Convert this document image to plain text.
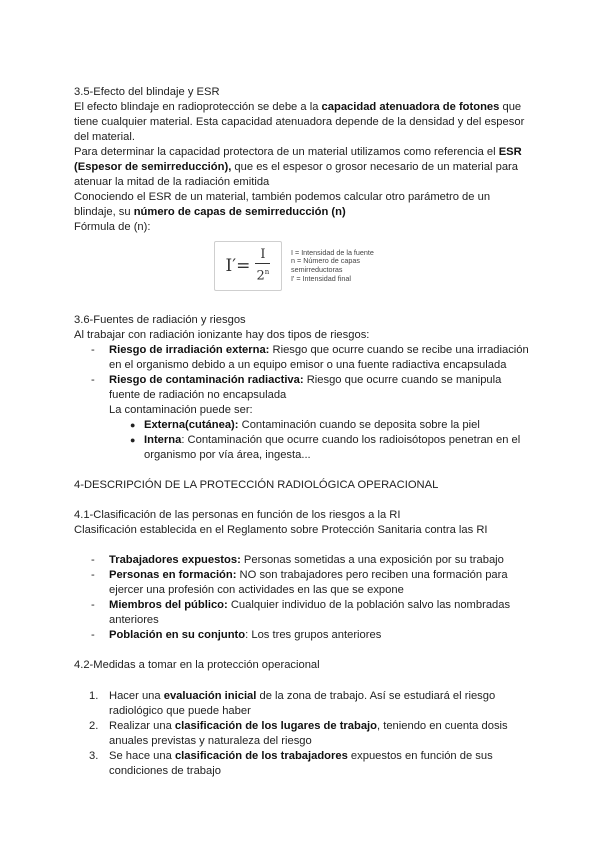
3.5-Efecto del blindaje y ESR

El efecto blindaje en radioprotección se debe a la capacidad atenuadora de fotones que tiene cualquier material. Esta capacidad atenuadora depende de la densidad y del espesor del material.

Para determinar la capacidad protectora de un material utilizamos como referencia el ESR (Espesor de semirreducción), que es el espesor o grosor necesario de un material para atenuar la mitad de la radiación emitida

Conociendo el ESR de un material, también podemos calcular otro parámetro de un blindaje, su número de capas de semirreducción (n)

Fórmula de (n):

$I'= \frac{I}{2^n}$	I = Intensidad de la fuente
n = Número de capas
semirreductoras
I' = Intensidad final

3.6-Fuentes de radiación y riesgos

Al trabajar con radiación ionizante hay dos tipos de riesgos:

- Riesgo de irradiación externa: Riesgo que ocurre cuando se recibe una irradiación en el organismo debido a un equipo emisor o una fuente radiactiva encapsulada
- Riesgo de contaminación radiactiva: Riesgo que ocurre cuando se manipula fuente de radiación no encapsulada

La contaminación puede ser:

● Externa(cutánea): Contaminación cuando se deposita sobre la piel
● Interna: Contaminación que ocurre cuando los radioisótopos penetran en el organismo por vía área, ingesta...

4-DESCRIPCIÓN DE LA PROTECCIÓN RADIOLÓGICA OPERACIONAL

4.1-Clasificación de las personas en función de los riesgos a la RI

Clasificación establecida en el Reglamento sobre Protección Sanitaria contra las RI

- Trabajadores expuestos: Personas sometidas a una exposición por su trabajo
- Personas en formación: NO son trabajadores pero reciben una formación para ejercer una profesión con actividades en las que se expone
- Miembros del público: Cualquier individuo de la población salvo las nombradas anteriores
- Población en su conjunto: Los tres grupos anteriores

4.2-Medidas a tomar en la protección operacional

1. Hacer una evaluación inicial de la zona de trabajo. Así se estudiará el riesgo radiológico que puede haber
2. Realizar una clasificación de los lugares de trabajo, teniendo en cuenta dosis anuales previstas y naturaleza del riesgo
3. Se hace una clasificación de los trabajadores expuestos en función de sus condiciones de trabajo
